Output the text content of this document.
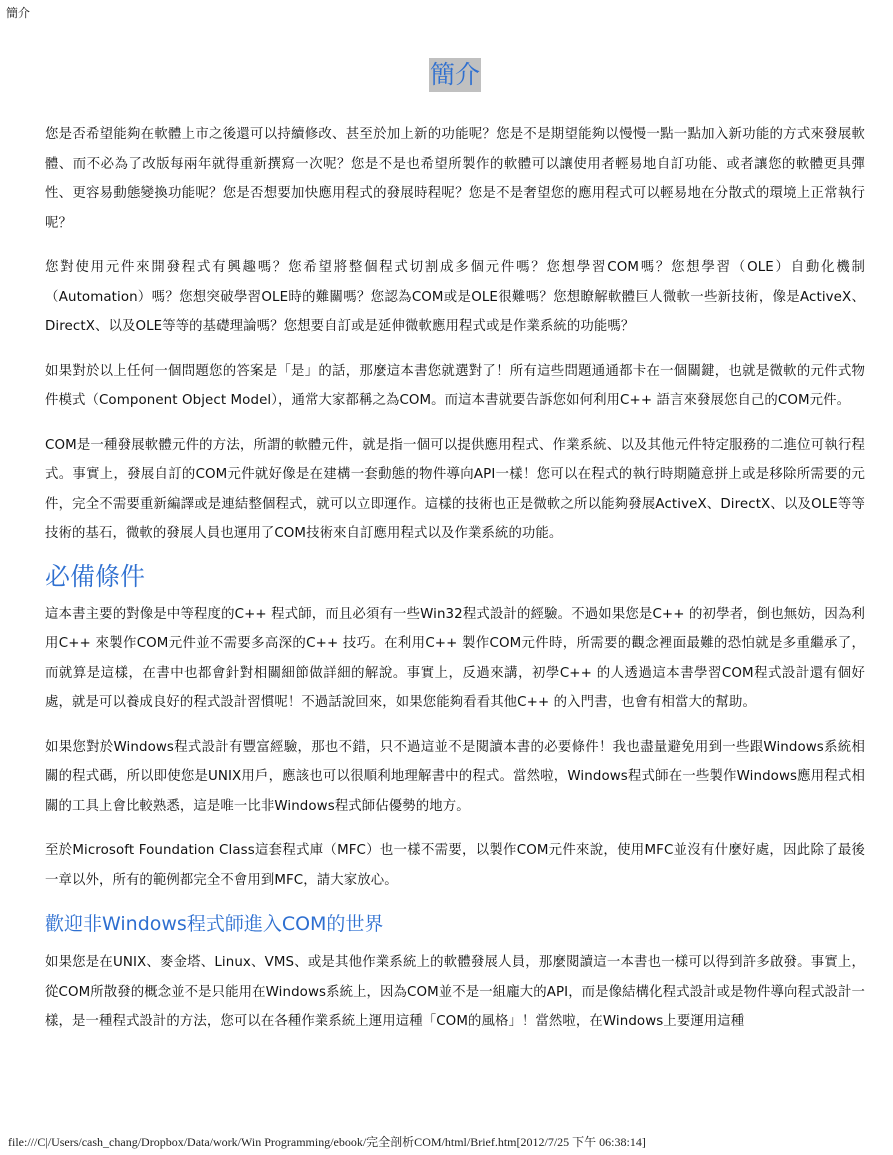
簡介
簡介

您是否希望能夠在軟體上市之後還可以持續修改、甚至於加上新的功能呢？您是不是期望能夠以慢慢一點一點加入新功能的方式來發展軟體、而不必為了改版每兩年就得重新撰寫一次呢？您是不是也希望所製作的軟體可以讓使用者輕易地自訂功能、或者讓您的軟體更具彈性、更容易動態變換功能呢？您是否想要加快應用程式的發展時程呢？您是不是奢望您的應用程式可以輕易地在分散式的環境上正常執行呢？

您對使用元件來開發程式有興趣嗎？您希望將整個程式切割成多個元件嗎？您想學習COM嗎？您想學習（OLE）自動化機制（Automation）嗎？您想突破學習OLE時的難關嗎？您認為COM或是OLE很難嗎？您想瞭解軟體巨人微軟一些新技術，像是ActiveX、DirectX、以及OLE等等的基礎理論嗎？您想要自訂或是延伸微軟應用程式或是作業系統的功能嗎？

如果對於以上任何一個問題您的答案是「是」的話，那麼這本書您就選對了！所有這些問題通通都卡在一個關鍵，也就是微軟的元件式物件模式（Component Object Model），通常大家都稱之為COM。而這本書就要告訴您如何利用C++ 語言來發展您自己的COM元件。

COM是一種發展軟體元件的方法，所謂的軟體元件，就是指一個可以提供應用程式、作業系統、以及其他元件特定服務的二進位可執行程式。事實上，發展自訂的COM元件就好像是在建構一套動態的物件導向API一樣！您可以在程式的執行時期隨意拼上或是移除所需要的元件，完全不需要重新編譯或是連結整個程式，就可以立即運作。這樣的技術也正是微軟之所以能夠發展ActiveX、DirectX、以及OLE等等技術的基石，微軟的發展人員也運用了COM技術來自訂應用程式以及作業系統的功能。

必備條件

這本書主要的對像是中等程度的C++ 程式師，而且必須有一些Win32程式設計的經驗。不過如果您是C++ 的初學者，倒也無妨，因為利用C++ 來製作COM元件並不需要多高深的C++ 技巧。在利用C++ 製作COM元件時，所需要的觀念裡面最難的恐怕就是多重繼承了，而就算是這樣，在書中也都會針對相關細節做詳細的解說。事實上，反過來講，初學C++ 的人透過這本書學習COM程式設計還有個好處，就是可以養成良好的程式設計習慣呢！不過話說回來，如果您能夠看看其他C++ 的入門書，也會有相當大的幫助。

如果您對於Windows程式設計有豐富經驗，那也不錯，只不過這並不是閱讀本書的必要條件！我也盡量避免用到一些跟Windows系統相關的程式碼，所以即使您是UNIX用戶，應該也可以很順利地理解書中的程式。當然啦，Windows程式師在一些製作Windows應用程式相關的工具上會比較熟悉，這是唯一比非Windows程式師佔優勢的地方。

至於Microsoft Foundation Class這套程式庫（MFC）也一樣不需要，以製作COM元件來說，使用MFC並沒有什麼好處，因此除了最後一章以外，所有的範例都完全不會用到MFC，請大家放心。

歡迎非Windows程式師進入COM的世界

如果您是在UNIX、麥金塔、Linux、VMS、或是其他作業系統上的軟體發展人員，那麼閱讀這一本書也一樣可以得到許多啟發。事實上，從COM所散發的概念並不是只能用在Windows系統上，因為COM並不是一組龐大的API，而是像結構化程式設計或是物件導向程式設計一樣，是一種程式設計的方法，您可以在各種作業系統上運用這種「COM的風格」！當然啦，在Windows上要運用這種

file:///C|/Users/cash_chang/Dropbox/Data/work/Win Programming/ebook/完全剖析COM/html/Brief.htm[2012/7/25 下午 06:38:14]
